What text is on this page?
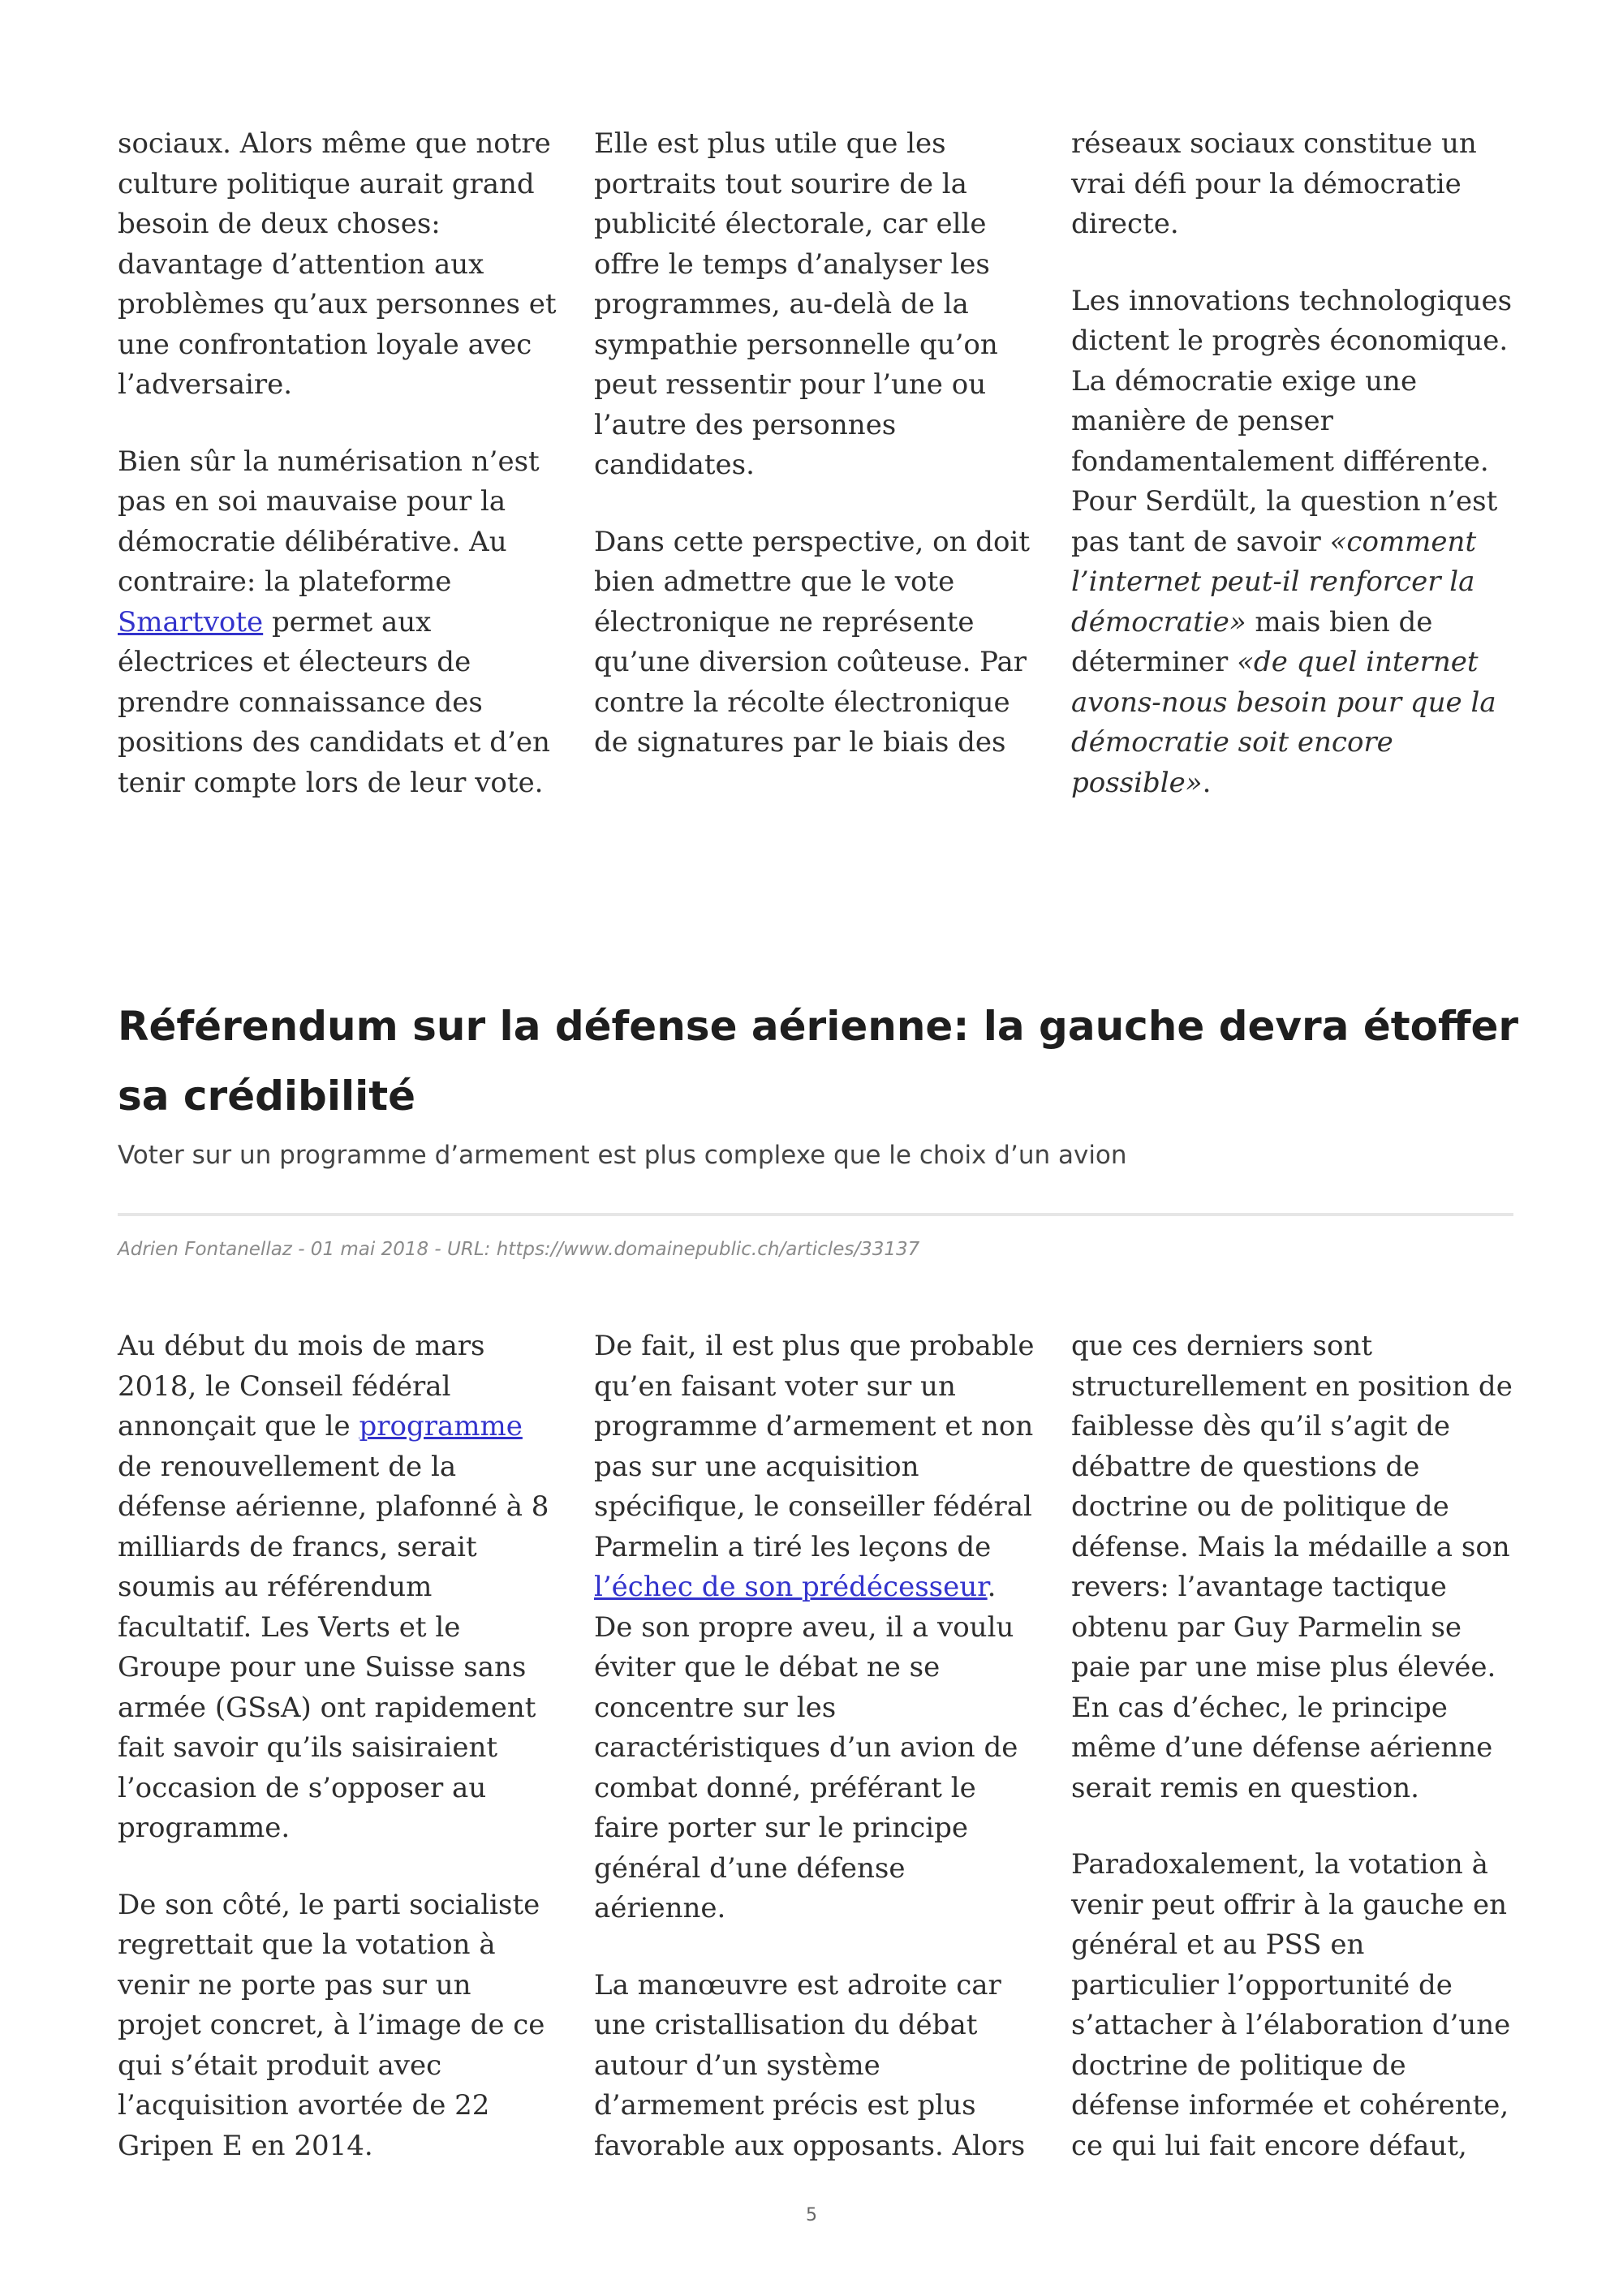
sociaux. Alors même que notre culture politique aurait grand besoin de deux choses: davantage d’attention aux problèmes qu’aux personnes et une confrontation loyale avec l’adversaire.

Bien sûr la numérisation n’est pas en soi mauvaise pour la démocratie délibérative. Au contraire: la plateforme Smartvote permet aux électrices et électeurs de prendre connaissance des positions des candidats et d’en tenir compte lors de leur vote.

Elle est plus utile que les portraits tout sourire de la publicité électorale, car elle offre le temps d’analyser les programmes, au-delà de la sympathie personnelle qu’on peut ressentir pour l’une ou l’autre des personnes candidates.

Dans cette perspective, on doit bien admettre que le vote électronique ne représente qu’une diversion coûteuse. Par contre la récolte électronique de signatures par le biais des

réseaux sociaux constitue un vrai défi pour la démocratie directe.

Les innovations technologiques dictent le progrès économique. La démocratie exige une manière de penser fondamentalement différente. Pour Serdült, la question n’est pas tant de savoir «comment l’internet peut-il renforcer la démocratie» mais bien de déterminer «de quel internet avons-nous besoin pour que la démocratie soit encore possible».

Référendum sur la défense aérienne: la gauche devra étoffer sa crédibilité
Voter sur un programme d’armement est plus complexe que le choix d’un avion
Adrien Fontanellaz - 01 mai 2018 - URL: https://www.domainepublic.ch/articles/33137

Au début du mois de mars 2018, le Conseil fédéral annonçait que le programme de renouvellement de la défense aérienne, plafonné à 8 milliards de francs, serait soumis au référendum facultatif. Les Verts et le Groupe pour une Suisse sans armée (GSsA) ont rapidement fait savoir qu’ils saisiraient l’occasion de s’opposer au programme.

De son côté, le parti socialiste regrettait que la votation à venir ne porte pas sur un projet concret, à l’image de ce qui s’était produit avec l’acquisition avortée de 22 Gripen E en 2014.

De fait, il est plus que probable qu’en faisant voter sur un programme d’armement et non pas sur une acquisition spécifique, le conseiller fédéral Parmelin a tiré les leçons de l’échec de son prédécesseur. De son propre aveu, il a voulu éviter que le débat ne se concentre sur les caractéristiques d’un avion de combat donné, préférant le faire porter sur le principe général d’une défense aérienne.

La manœuvre est adroite car une cristallisation du débat autour d’un système d’armement précis est plus favorable aux opposants. Alors

que ces derniers sont structurellement en position de faiblesse dès qu’il s’agit de débattre de questions de doctrine ou de politique de défense. Mais la médaille a son revers: l’avantage tactique obtenu par Guy Parmelin se paie par une mise plus élevée. En cas d’échec, le principe même d’une défense aérienne serait remis en question.

Paradoxalement, la votation à venir peut offrir à la gauche en général et au PSS en particulier l’opportunité de s’attacher à l’élaboration d’une doctrine de politique de défense informée et cohérente, ce qui lui fait encore défaut,

5
